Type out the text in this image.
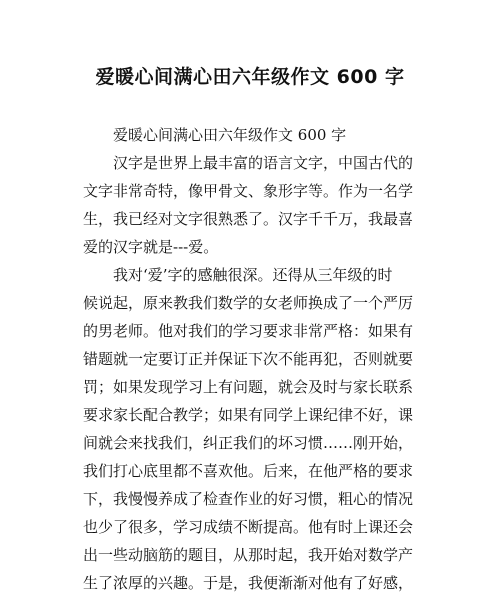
爱暖心间满心田六年级作文 600 字
爱暖心间满心田六年级作文 600 字
汉字是世界上最丰富的语言文字，中国古代的
文字非常奇特，像甲骨文、象形字等。作为一名学
生，我已经对文字很熟悉了。汉字千千万，我最喜
爱的汉字就是---爱。
我对‘爱’字的感触很深。还得从三年级的时
候说起，原来教我们数学的女老师换成了一个严厉
的男老师。他对我们的学习要求非常严格：如果有
错题就一定要订正并保证下次不能再犯，否则就要
罚；如果发现学习上有问题，就会及时与家长联系
要求家长配合教学；如果有同学上课纪律不好，课
间就会来找我们，纠正我们的坏习惯……刚开始，
我们打心底里都不喜欢他。后来，在他严格的要求
下，我慢慢养成了检查作业的好习惯，粗心的情况
也少了很多，学习成绩不断提高。他有时上课还会
出一些动脑筋的题目，从那时起，我开始对数学产
生了浓厚的兴趣。于是，我便渐渐对他有了好感，
